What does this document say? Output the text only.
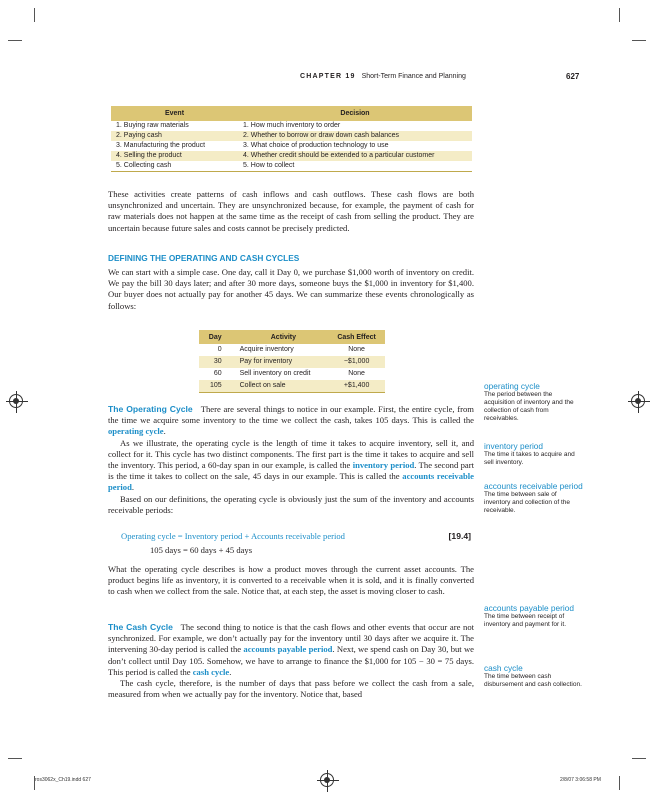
CHAPTER 19 Short-Term Finance and Planning	627
Event	Decision
1. Buying raw materials	1. How much inventory to order
2. Paying cash	2. Whether to borrow or draw down cash balances
3. Manufacturing the product	3. What choice of production technology to use
4. Selling the product	4. Whether credit should be extended to a particular customer
5. Collecting cash	5. How to collect

These activities create patterns of cash inflows and cash outflows. These cash flows are both unsynchronized and uncertain. They are unsynchronized because, for example, the payment of cash for raw materials does not happen at the same time as the receipt of cash from selling the product. They are uncertain because future sales and costs cannot be precisely predicted.

DEFINING THE OPERATING AND CASH CYCLES

We can start with a simple case. One day, call it Day 0, we purchase $1,000 worth of inventory on credit. We pay the bill 30 days later; and after 30 more days, someone buys the $1,000 in inventory for $1,400. Our buyer does not actually pay for another 45 days. We can summarize these events chronologically as follows:

Day	Activity	Cash Effect
0	Acquire inventory	None
30	Pay for inventory	−$1,000
60	Sell inventory on credit	None
105	Collect on sale	+$1,400

The Operating Cycle There are several things to notice in our example. First, the entire cycle, from the time we acquire some inventory to the time we collect the cash, takes 105 days. This is called the operating cycle.

As we illustrate, the operating cycle is the length of time it takes to acquire inventory, sell it, and collect for it. This cycle has two distinct components. The first part is the time it takes to acquire and sell the inventory. This period, a 60-day span in our example, is called the inventory period. The second part is the time it takes to collect on the sale, 45 days in our example. This is called the accounts receivable period.

Based on our definitions, the operating cycle is obviously just the sum of the inventory and accounts receivable periods:

Operating cycle = Inventory period + Accounts receivable period	[19.4]
105 days = 60 days + 45 days

What the operating cycle describes is how a product moves through the current asset accounts. The product begins life as inventory, it is converted to a receivable when it is sold, and it is finally converted to cash when we collect from the sale. Notice that, at each step, the asset is moving closer to cash.

The Cash Cycle The second thing to notice is that the cash flows and other events that occur are not synchronized. For example, we don’t actually pay for the inventory until 30 days after we acquire it. The intervening 30-day period is called the accounts payable period. Next, we spend cash on Day 30, but we don’t collect until Day 105. Somehow, we have to arrange to finance the $1,000 for 105 − 30 = 75 days. This period is called the cash cycle.

The cash cycle, therefore, is the number of days that pass before we collect the cash from a sale, measured from when we actually pay for the inventory. Notice that, based

operating cycle
The period between the acquisition of inventory and the collection of cash from receivables.
inventory period
The time it takes to acquire and sell inventory.
accounts receivable period
The time between sale of inventory and collection of the receivable.
accounts payable period
The time between receipt of inventory and payment for it.
cash cycle
The time between cash disbursement and cash collection.
ros3062x_Ch19.indd 627	2/8/07 3:06:58 PM
